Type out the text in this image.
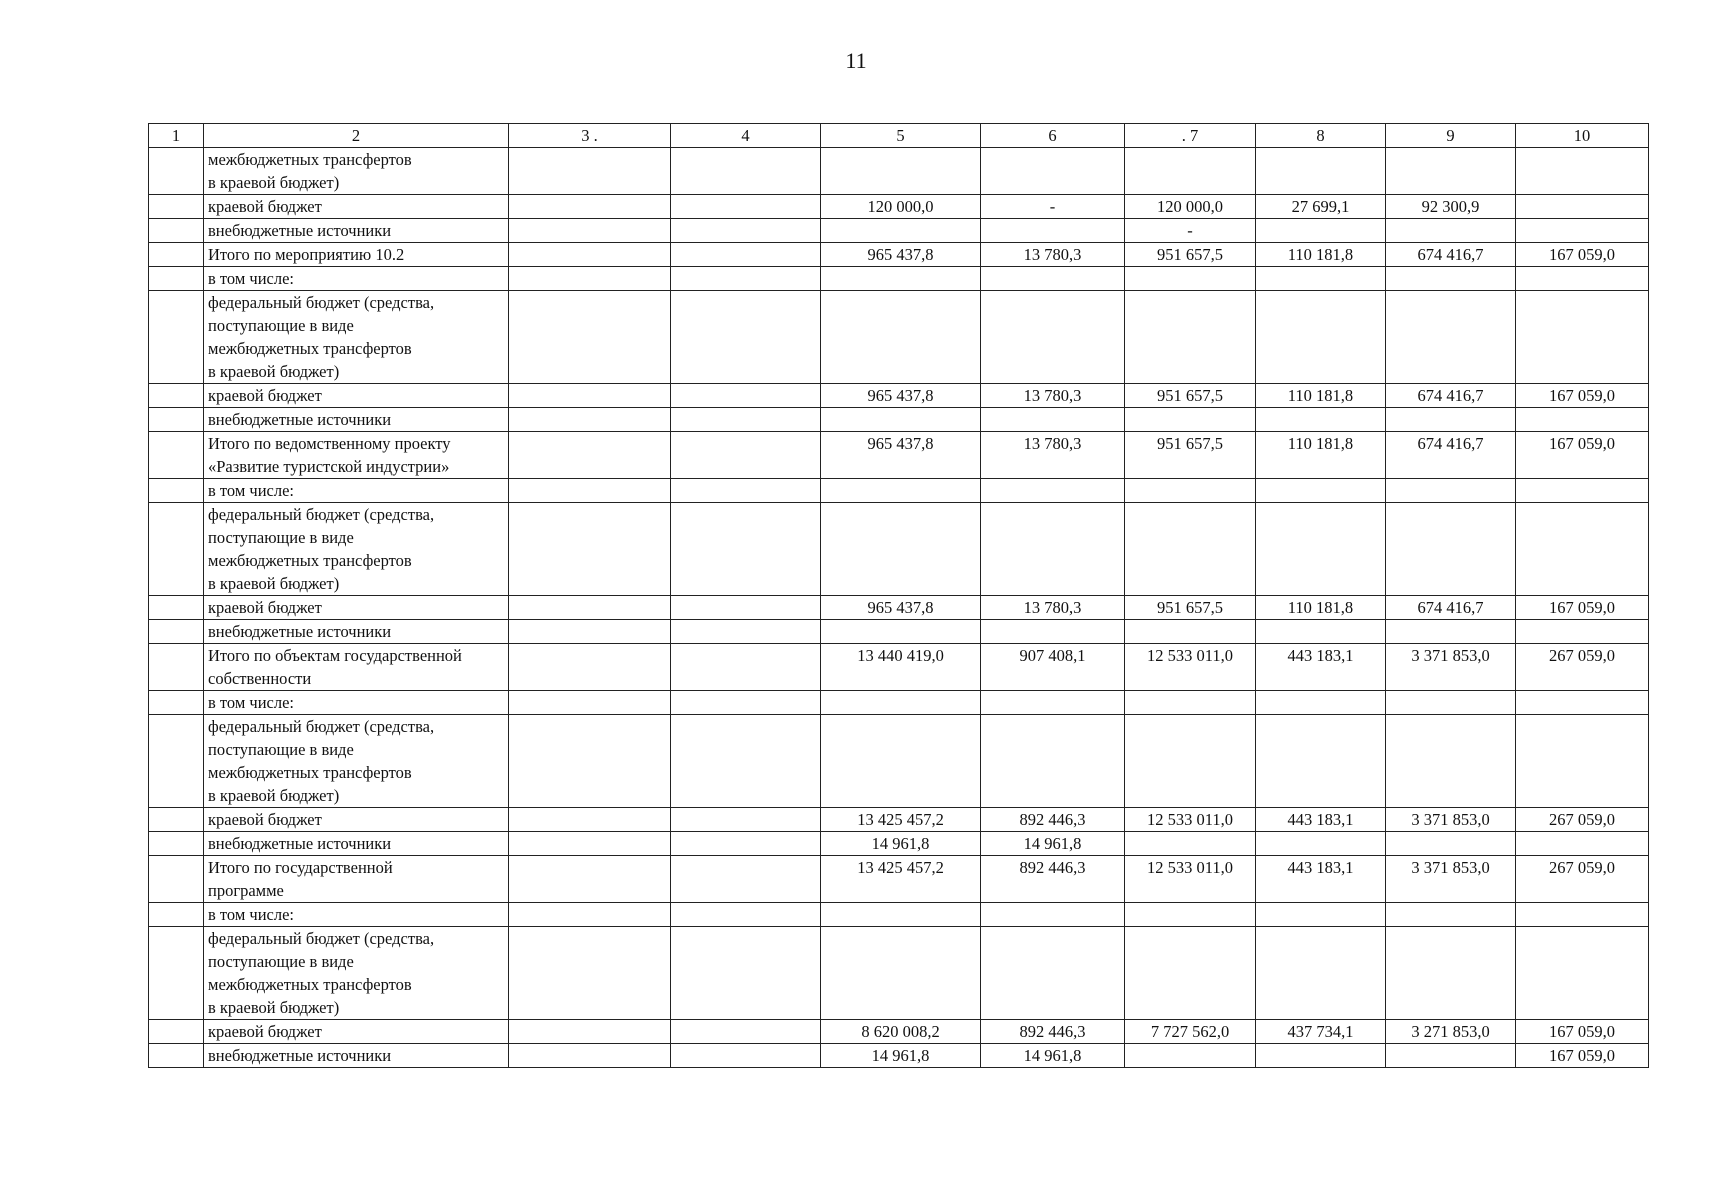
11
1	2	3 .	4	5	6	. 7	8	9	10
	межбюджетных трансфертов
в краевой бюджет)								
	краевой бюджет			120 000,0	-	120 000,0	27 699,1	92 300,9	
	внебюджетные источники					-			
	Итого по мероприятию 10.2			965 437,8	13 780,3	951 657,5	110 181,8	674 416,7	167 059,0
	в том числе:								
	федеральный бюджет (средства,
поступающие в виде
межбюджетных трансфертов
в краевой бюджет)								
	краевой бюджет			965 437,8	13 780,3	951 657,5	110 181,8	674 416,7	167 059,0
	внебюджетные источники								
	Итого по ведомственному проекту
«Развитие туристской индустрии»			965 437,8	13 780,3	951 657,5	110 181,8	674 416,7	167 059,0
	в том числе:								
	федеральный бюджет (средства,
поступающие в виде
межбюджетных трансфертов
в краевой бюджет)								
	краевой бюджет			965 437,8	13 780,3	951 657,5	110 181,8	674 416,7	167 059,0
	внебюджетные источники								
	Итого по объектам государственной
собственности			13 440 419,0	907 408,1	12 533 011,0	443 183,1	3 371 853,0	267 059,0
	в том числе:								
	федеральный бюджет (средства,
поступающие в виде
межбюджетных трансфертов
в краевой бюджет)								
	краевой бюджет			13 425 457,2	892 446,3	12 533 011,0	443 183,1	3 371 853,0	267 059,0
	внебюджетные источники			14 961,8	14 961,8				
	Итого по государственной
программе			13 425 457,2	892 446,3	12 533 011,0	443 183,1	3 371 853,0	267 059,0
	в том числе:								
	федеральный бюджет (средства,
поступающие в виде
межбюджетных трансфертов
в краевой бюджет)								
	краевой бюджет			8 620 008,2	892 446,3	7 727 562,0	437 734,1	3 271 853,0	167 059,0
	внебюджетные источники			14 961,8	14 961,8				167 059,0
